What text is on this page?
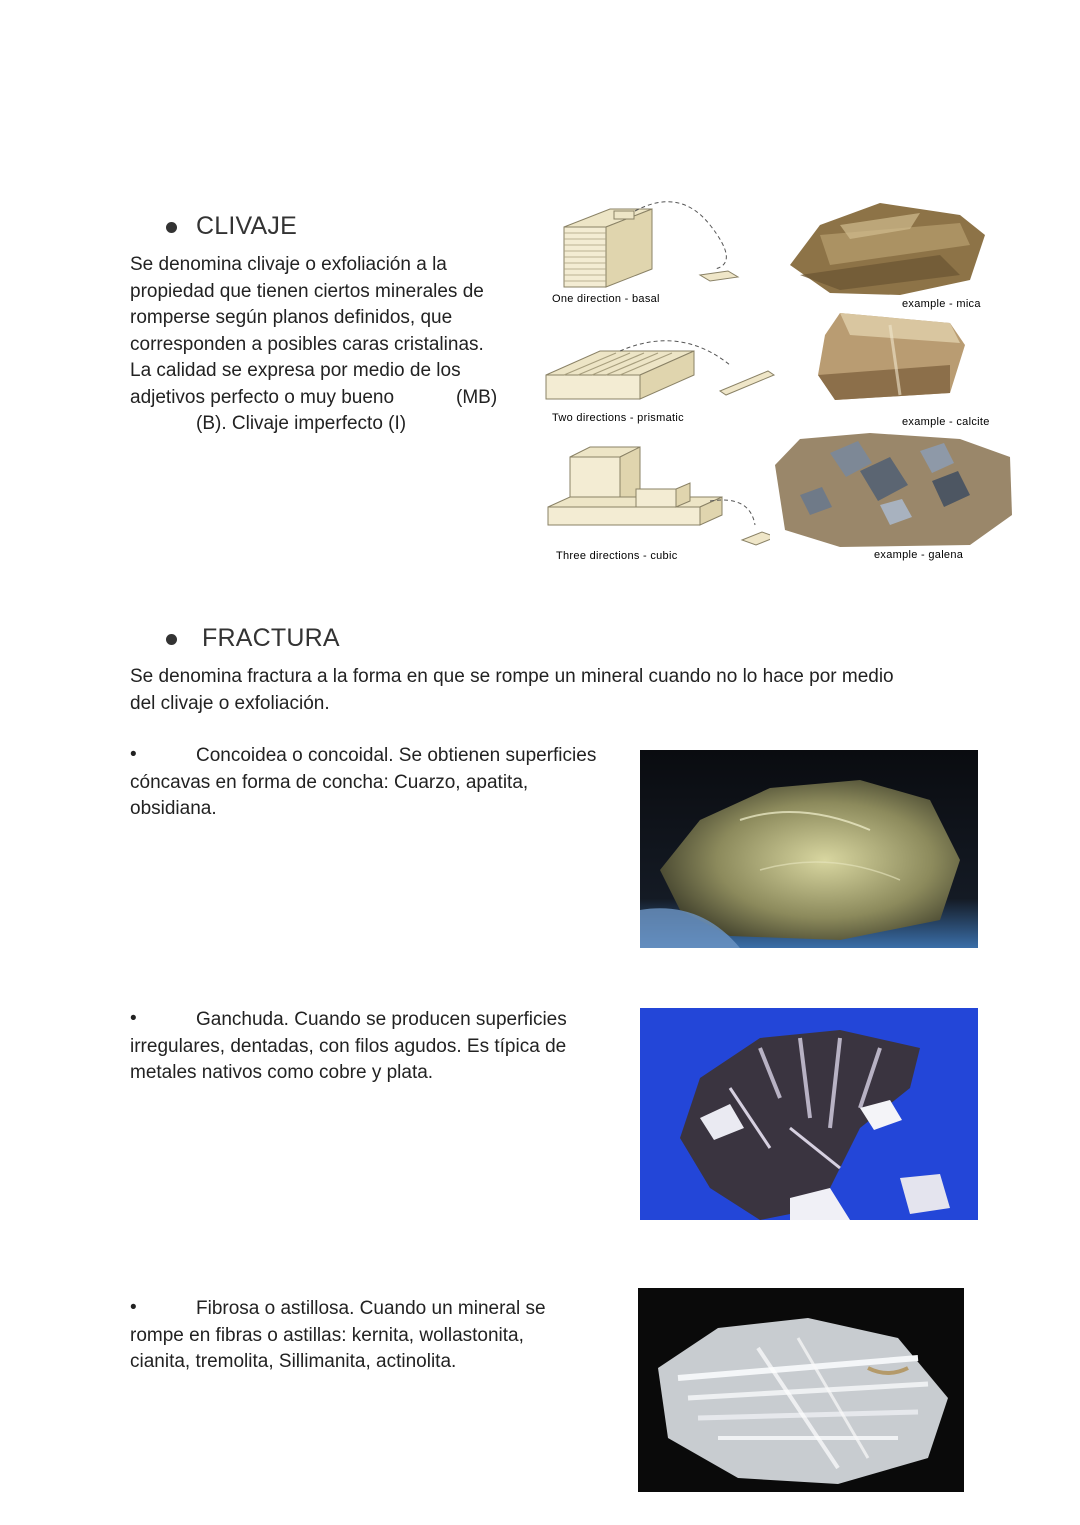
CLIVAJE
Se denomina clivaje o exfoliación a la
propiedad que tienen ciertos minerales de
romperse según planos definidos, que
corresponden a posibles caras cristalinas.
La calidad se expresa por medio de los
adjetivos perfecto o muy bueno	(MB)
(B). Clivaje imperfecto (I)
One direction - basal	example - mica
Two directions - prismatic	example - calcite
Three directions - cubic	example - galena
FRACTURA
Se denomina fractura a la forma en que se rompe un mineral cuando no lo hace por medio
del clivaje o exfoliación.
•	Concoidea o concoidal. Se obtienen superficies
cóncavas en forma de concha: Cuarzo, apatita,
obsidiana.
•	Ganchuda. Cuando se producen superficies
irregulares, dentadas, con filos agudos. Es típica de
metales nativos como cobre y plata.
•	Fibrosa o astillosa. Cuando un mineral se
rompe en fibras o astillas: kernita, wollastonita,
cianita, tremolita, Sillimanita, actinolita.
